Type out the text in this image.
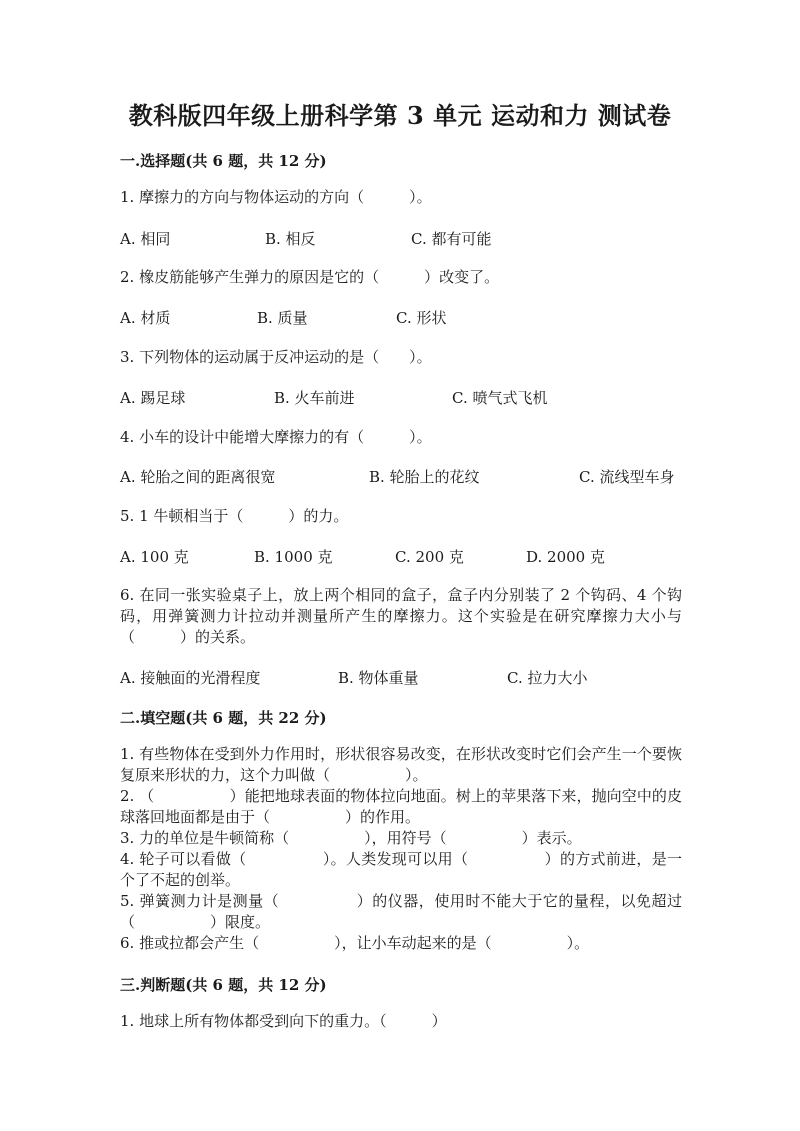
教科版四年级上册科学第 3 单元 运动和力 测试卷
一.选择题(共 6 题，共 12 分)
1. 摩擦力的方向与物体运动的方向（　　　）。
A. 相同	B. 相反	C. 都有可能
2. 橡皮筋能够产生弹力的原因是它的（　　　）改变了。
A. 材质	B. 质量	C. 形状
3. 下列物体的运动属于反冲运动的是（　　）。
A. 踢足球	B. 火车前进	C. 喷气式飞机
4. 小车的设计中能增大摩擦力的有（　　　）。
A. 轮胎之间的距离很宽	B. 轮胎上的花纹	C. 流线型车身
5. 1 牛顿相当于（　　　）的力。
A. 100 克	B. 1000 克	C. 200 克	D. 2000 克
6. 在同一张实验桌子上，放上两个相同的盒子，盒子内分别装了 2 个钩码、4 个钩码，用弹簧测力计拉动并测量所产生的摩擦力。这个实验是在研究摩擦力大小与（　　　）的关系。
A. 接触面的光滑程度	B. 物体重量	C. 拉力大小
二.填空题(共 6 题，共 22 分)
1. 有些物体在受到外力作用时，形状很容易改变，在形状改变时它们会产生一个要恢复原来形状的力，这个力叫做（　　　　　）。
2. （　　　　　）能把地球表面的物体拉向地面。树上的苹果落下来，抛向空中的皮球落回地面都是由于（　　　　　）的作用。
3. 力的单位是牛顿简称（　　　　　），用符号（　　　　　）表示。
4. 轮子可以看做（　　　　　）。人类发现可以用（　　　　　）的方式前进，是一个了不起的创举。
5. 弹簧测力计是测量（　　　　　）的仪器，使用时不能大于它的量程，以免超过（　　　　　）限度。
6. 推或拉都会产生（　　　　　），让小车动起来的是（　　　　　）。
三.判断题(共 6 题，共 12 分)
1. 地球上所有物体都受到向下的重力。（　　　）
